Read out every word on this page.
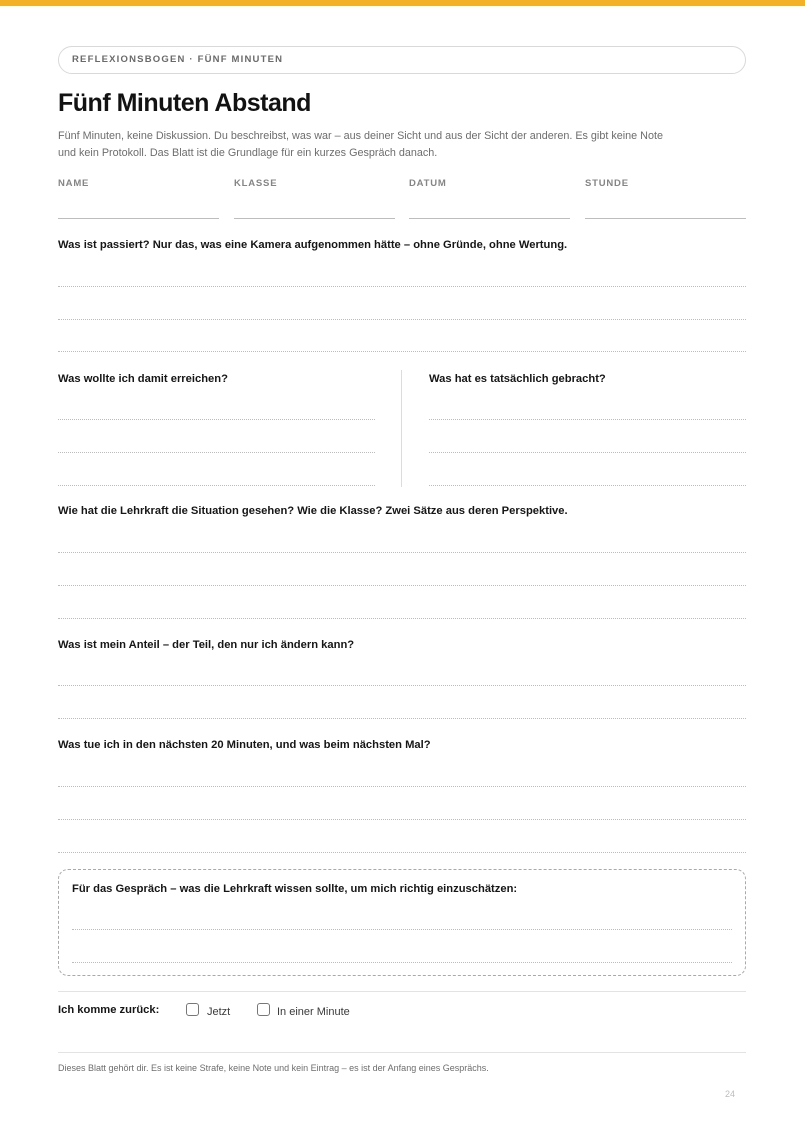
REFLEXIONSBOGEN · FÜNF MINUTEN
Fünf Minuten Abstand

Fünf Minuten, keine Diskussion. Du beschreibst, was war – aus deiner Sicht und aus der Sicht der anderen. Es gibt keine Note
und kein Protokoll. Das Blatt ist die Grundlage für ein kurzes Gespräch danach.

NAME	KLASSE	DATUM	STUNDE
Was ist passiert? Nur das, was eine Kamera aufgenommen hätte – ohne Gründe, ohne Wertung.
Was wollte ich damit erreichen?	Was hat es tatsächlich gebracht?
Wie hat die Lehrkraft die Situation gesehen? Wie die Klasse? Zwei Sätze aus deren Perspektive.
Was ist mein Anteil – der Teil, den nur ich ändern kann?
Was tue ich in den nächsten 20 Minuten, und was beim nächsten Mal?
Für das Gespräch – was die Lehrkraft wissen sollte, um mich richtig einzuschätzen:
Ich komme zurück:	Jetzt	In einer Minute
Dieses Blatt gehört dir. Es ist keine Strafe, keine Note und kein Eintrag – es ist der Anfang eines Gesprächs.
24
